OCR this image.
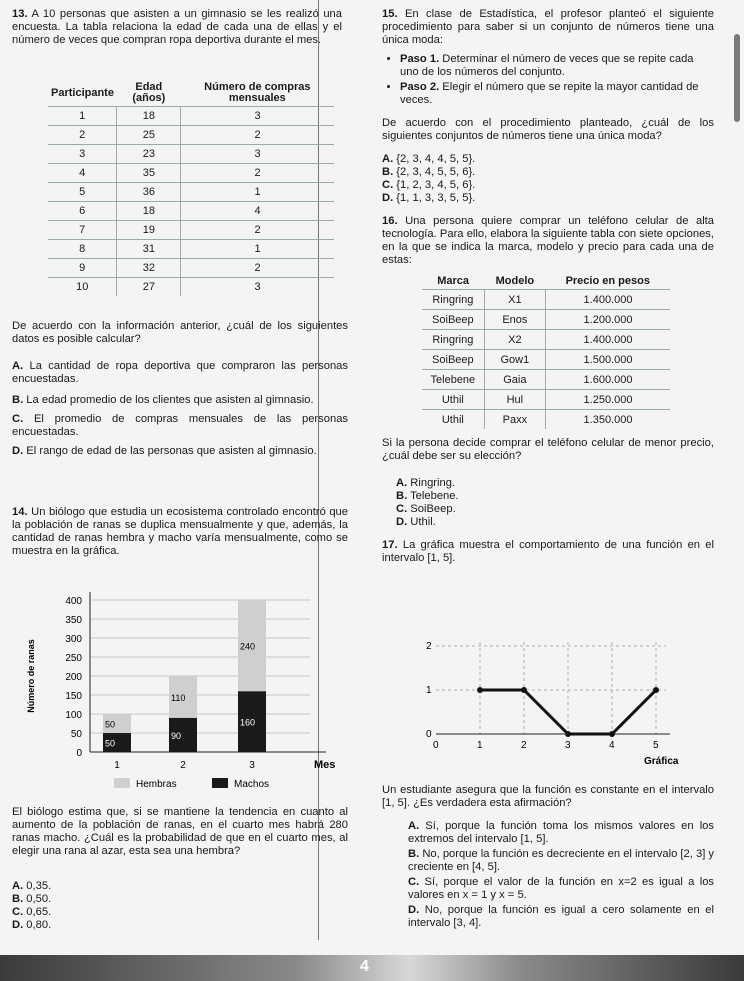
13. A 10 personas que asisten a un gimnasio se les realizó una encuesta. La tabla relaciona la edad de cada una de ellas y el número de veces que compran ropa deportiva durante el mes.

Participante	Edad (años)	Número de compras mensuales
1	18	3
2	25	2
3	23	3
4	35	2
5	36	1
6	18	4
7	19	2
8	31	1
9	32	2
10	27	3

De acuerdo con la información anterior, ¿cuál de los siguientes datos es posible calcular?

A. La cantidad de ropa deportiva que compraron las personas encuestadas.

B. La edad promedio de los clientes que asisten al gimnasio.

C. El promedio de compras mensuales de las personas encuestadas.

D. El rango de edad de las personas que asisten al gimnasio.

14. Un biólogo que estudia un ecosistema controlado encontró que la población de ranas se duplica mensualmente y que, además, la cantidad de ranas hembra y macho varía mensualmente, como se muestra en la gráfica.

0
50
100
150
200
250
300
350
400
Número de ranas
50
50
1
90
110
2
160
240
3	Mes
Hembras	Machos

El biólogo estima que, si se mantiene la tendencia en cuanto al aumento de la población de ranas, en el cuarto mes habrá 280 ranas macho. ¿Cuál es la probabilidad de que en el cuarto mes, al elegir una rana al azar, esta sea una hembra?

A. 0,35.

B. 0,50.

C. 0,65.

D. 0,80.

15. En clase de Estadística, el profesor planteó el siguiente procedimiento para saber si un conjunto de números tiene una única moda:

• Paso 1. Determinar el número de veces que se repite cada uno de los números del conjunto.
• Paso 2. Elegir el número que se repite la mayor cantidad de veces.

De acuerdo con el procedimiento planteado, ¿cuál de los siguientes conjuntos de números tiene una única moda?

A. {2, 3, 4, 4, 5, 5}.

B. {2, 3, 4, 5, 5, 6}.

C. {1, 2, 3, 4, 5, 6}.

D. {1, 1, 3, 3, 5, 5}.

16. Una persona quiere comprar un teléfono celular de alta tecnología. Para ello, elabora la siguiente tabla con siete opciones, en la que se indica la marca, modelo y precio para cada una de estas:

Marca	Modelo	Precio en pesos
Ringring	X1	1.400.000
SoiBeep	Enos	1.200.000
Ringring	X2	1.400.000
SoiBeep	Gow1	1.500.000
Telebene	Gaia	1.600.000
Uthil	Hul	1.250.000
Uthil	Paxx	1.350.000

Si la persona decide comprar el teléfono celular de menor precio, ¿cuál debe ser su elección?

A. Ringring.

B. Telebene.

C. SoiBeep.

D. Uthil.

17. La gráfica muestra el comportamiento de una función en el intervalo [1, 5].

0
1
2
0	1	2	3	4	5
Gráfica

Un estudiante asegura que la función es constante en el intervalo [1, 5]. ¿Es verdadera esta afirmación?

A. Sí, porque la función toma los mismos valores en los extremos del intervalo [1, 5].

B. No, porque la función es decreciente en el intervalo [2, 3] y creciente en [4, 5].

C. Sí, porque el valor de la función en x=2 es igual a los valores en x = 1 y x = 5.

D. No, porque la función es igual a cero solamente en el intervalo [3, 4].

4
